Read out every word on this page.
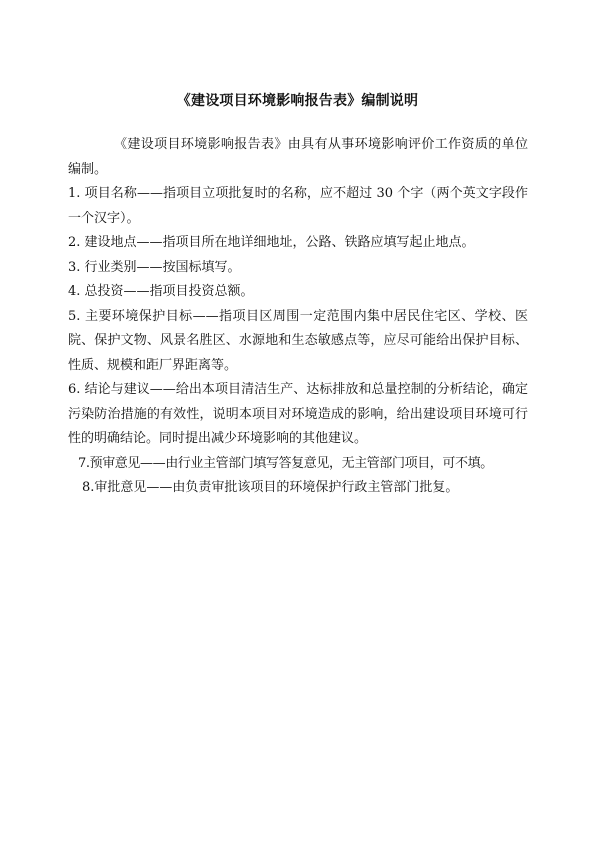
《建设项目环境影响报告表》编制说明

《建设项目环境影响报告表》由具有从事环境影响评价工作资质的单位编制。

1. 项目名称——指项目立项批复时的名称，应不超过 30 个字（两个英文字段作一个汉字）。

2. 建设地点——指项目所在地详细地址，公路、铁路应填写起止地点。

3. 行业类别——按国标填写。

4. 总投资——指项目投资总额。

5. 主要环境保护目标——指项目区周围一定范围内集中居民住宅区、学校、医院、保护文物、风景名胜区、水源地和生态敏感点等，应尽可能给出保护目标、性质、规模和距厂界距离等。

6. 结论与建议——给出本项目清洁生产、达标排放和总量控制的分析结论，确定污染防治措施的有效性，说明本项目对环境造成的影响，给出建设项目环境可行性的明确结论。同时提出减少环境影响的其他建议。

7.预审意见——由行业主管部门填写答复意见，无主管部门项目，可不填。

8.审批意见——由负责审批该项目的环境保护行政主管部门批复。
